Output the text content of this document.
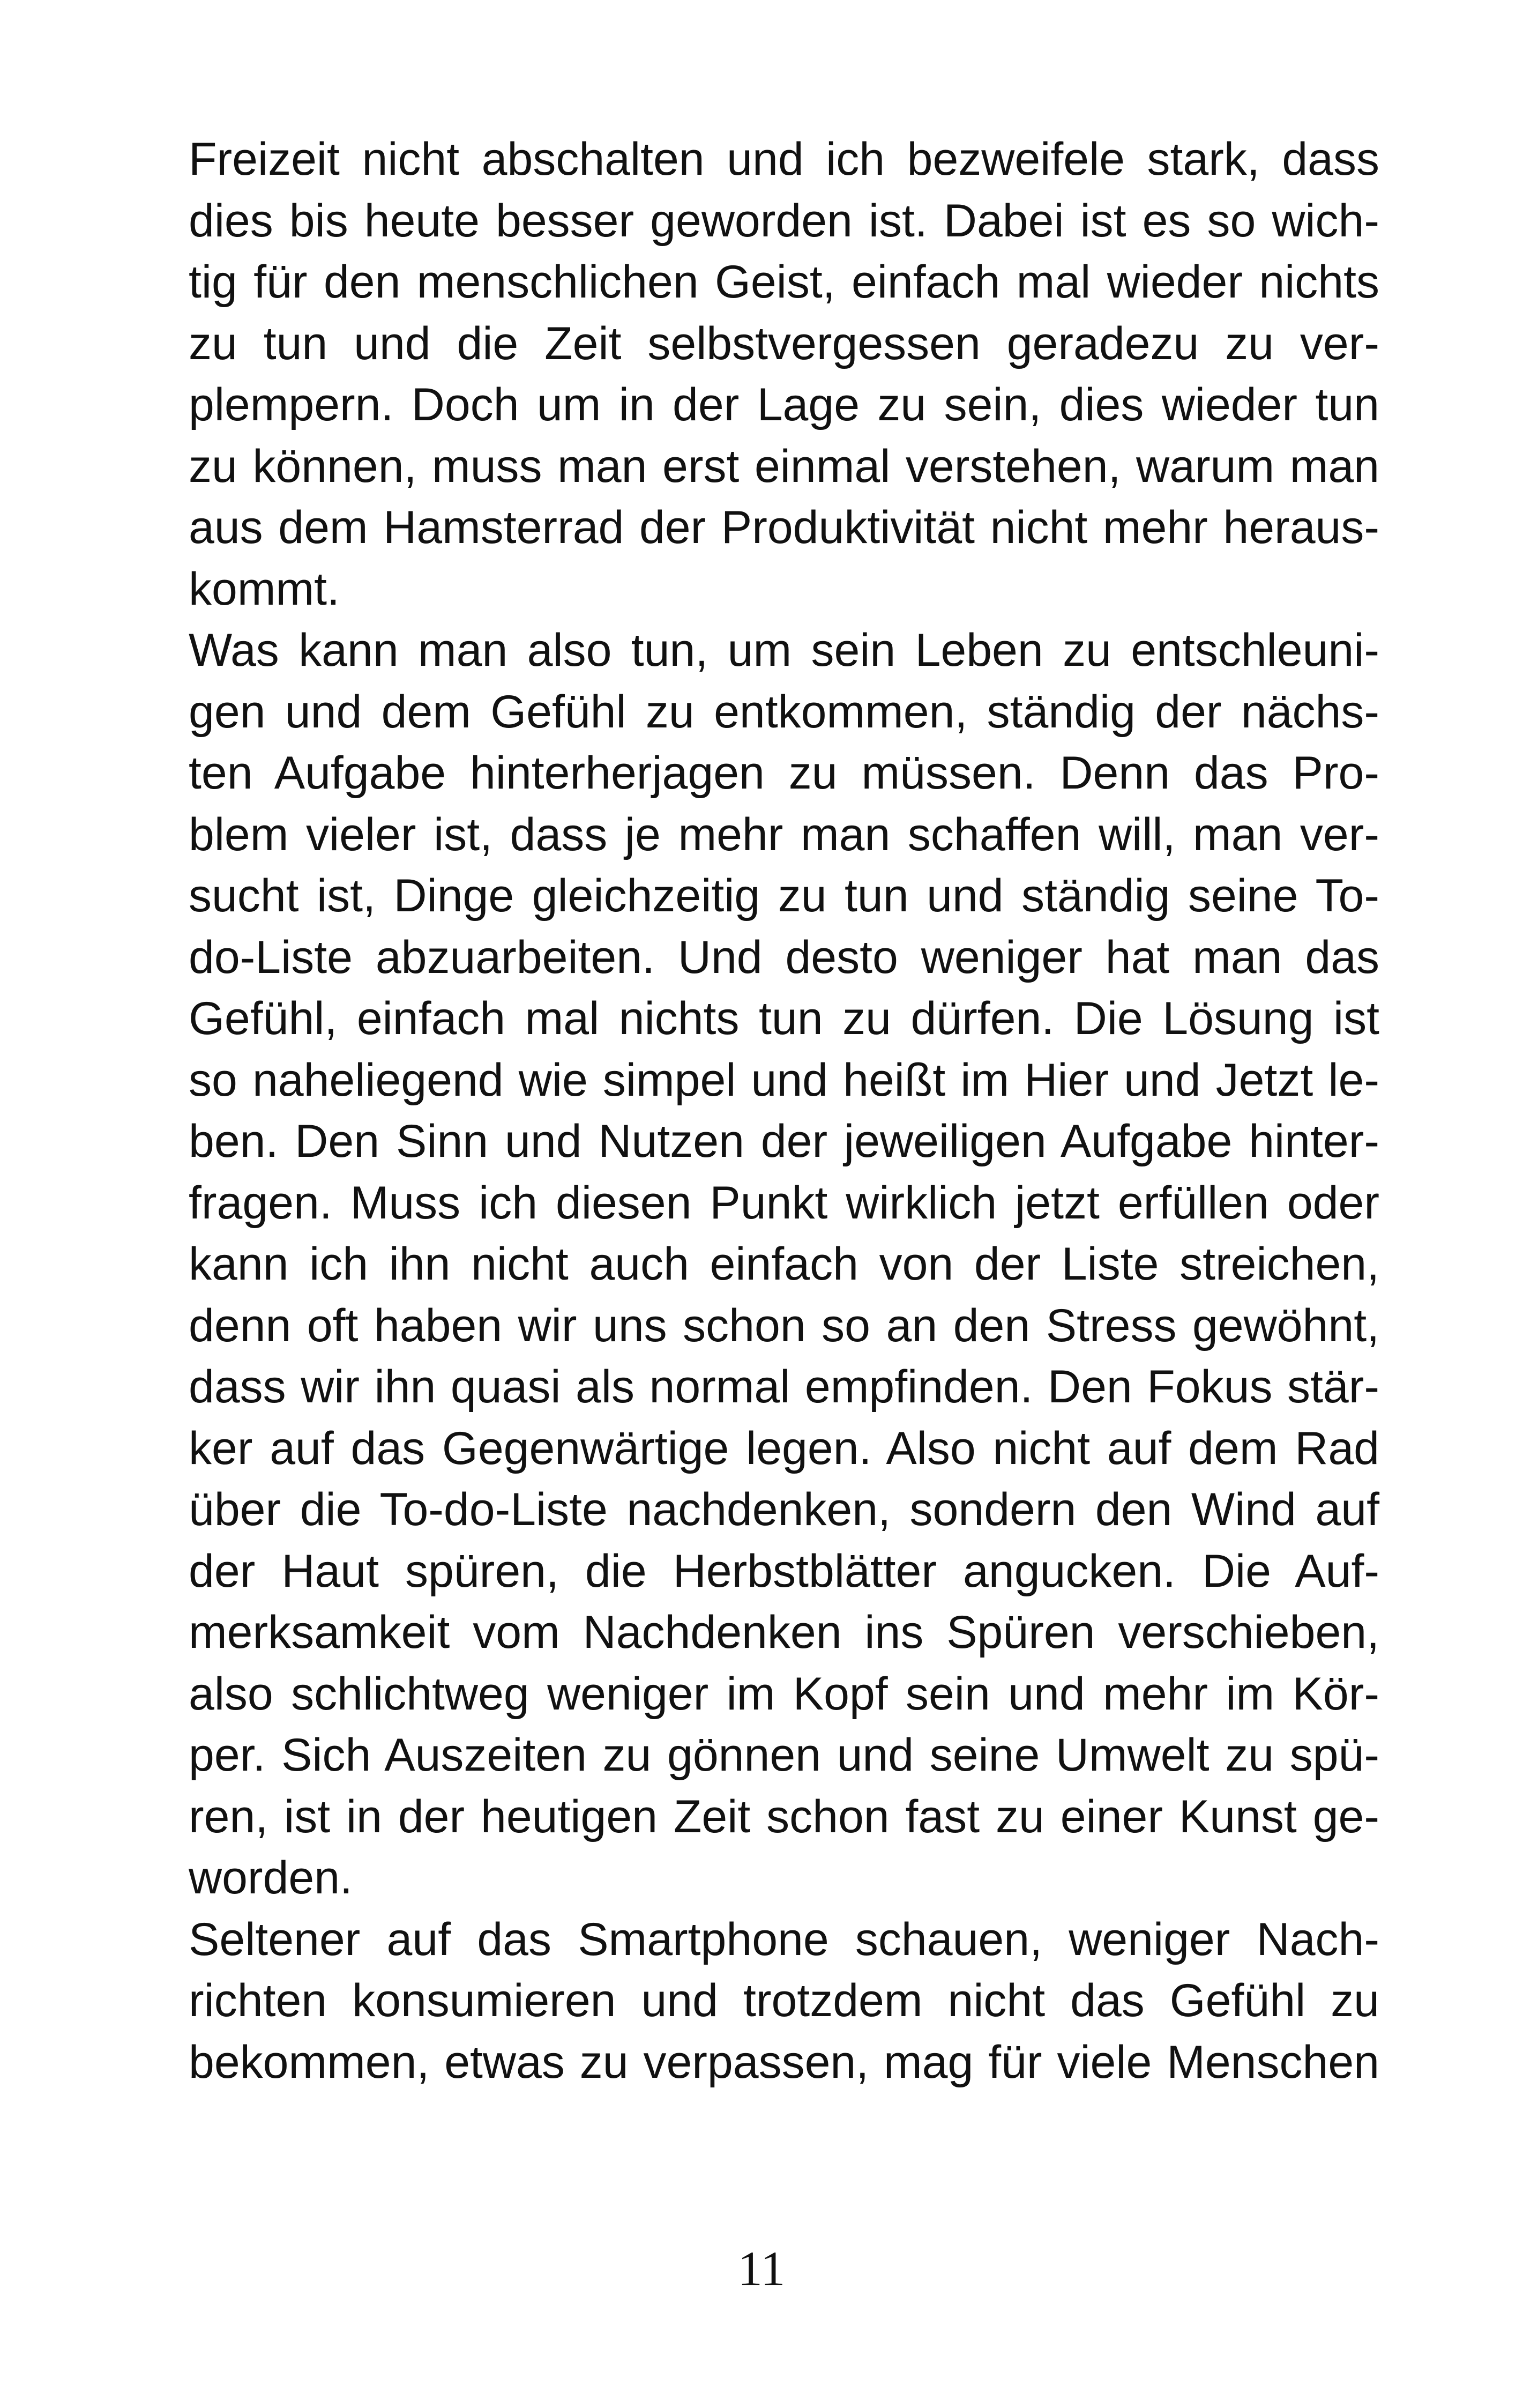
Freizeit nicht abschalten und ich bezweifele stark, dass
dies bis heute besser geworden ist. Dabei ist es so wich-
tig für den menschlichen Geist, einfach mal wieder nichts
zu tun und die Zeit selbstvergessen geradezu zu ver-
plempern. Doch um in der Lage zu sein, dies wieder tun
zu können, muss man erst einmal verstehen, warum man
aus dem Hamsterrad der Produktivität nicht mehr heraus-
kommt.
Was kann man also tun, um sein Leben zu entschleuni-
gen und dem Gefühl zu entkommen, ständig der nächs-
ten Aufgabe hinterherjagen zu müssen. Denn das Pro-
blem vieler ist, dass je mehr man schaffen will, man ver-
sucht ist, Dinge gleichzeitig zu tun und ständig seine To-
do-Liste abzuarbeiten. Und desto weniger hat man das
Gefühl, einfach mal nichts tun zu dürfen. Die Lösung ist
so naheliegend wie simpel und heißt im Hier und Jetzt le-
ben. Den Sinn und Nutzen der jeweiligen Aufgabe hinter-
fragen. Muss ich diesen Punkt wirklich jetzt erfüllen oder
kann ich ihn nicht auch einfach von der Liste streichen,
denn oft haben wir uns schon so an den Stress gewöhnt,
dass wir ihn quasi als normal empfinden. Den Fokus stär-
ker auf das Gegenwärtige legen. Also nicht auf dem Rad
über die To-do-Liste nachdenken, sondern den Wind auf
der Haut spüren, die Herbstblätter angucken. Die Auf-
merksamkeit vom Nachdenken ins Spüren verschieben,
also schlichtweg weniger im Kopf sein und mehr im Kör-
per. Sich Auszeiten zu gönnen und seine Umwelt zu spü-
ren, ist in der heutigen Zeit schon fast zu einer Kunst ge-
worden.
Seltener auf das Smartphone schauen, weniger Nach-
richten konsumieren und trotzdem nicht das Gefühl zu
bekommen, etwas zu verpassen, mag für viele Menschen
11
